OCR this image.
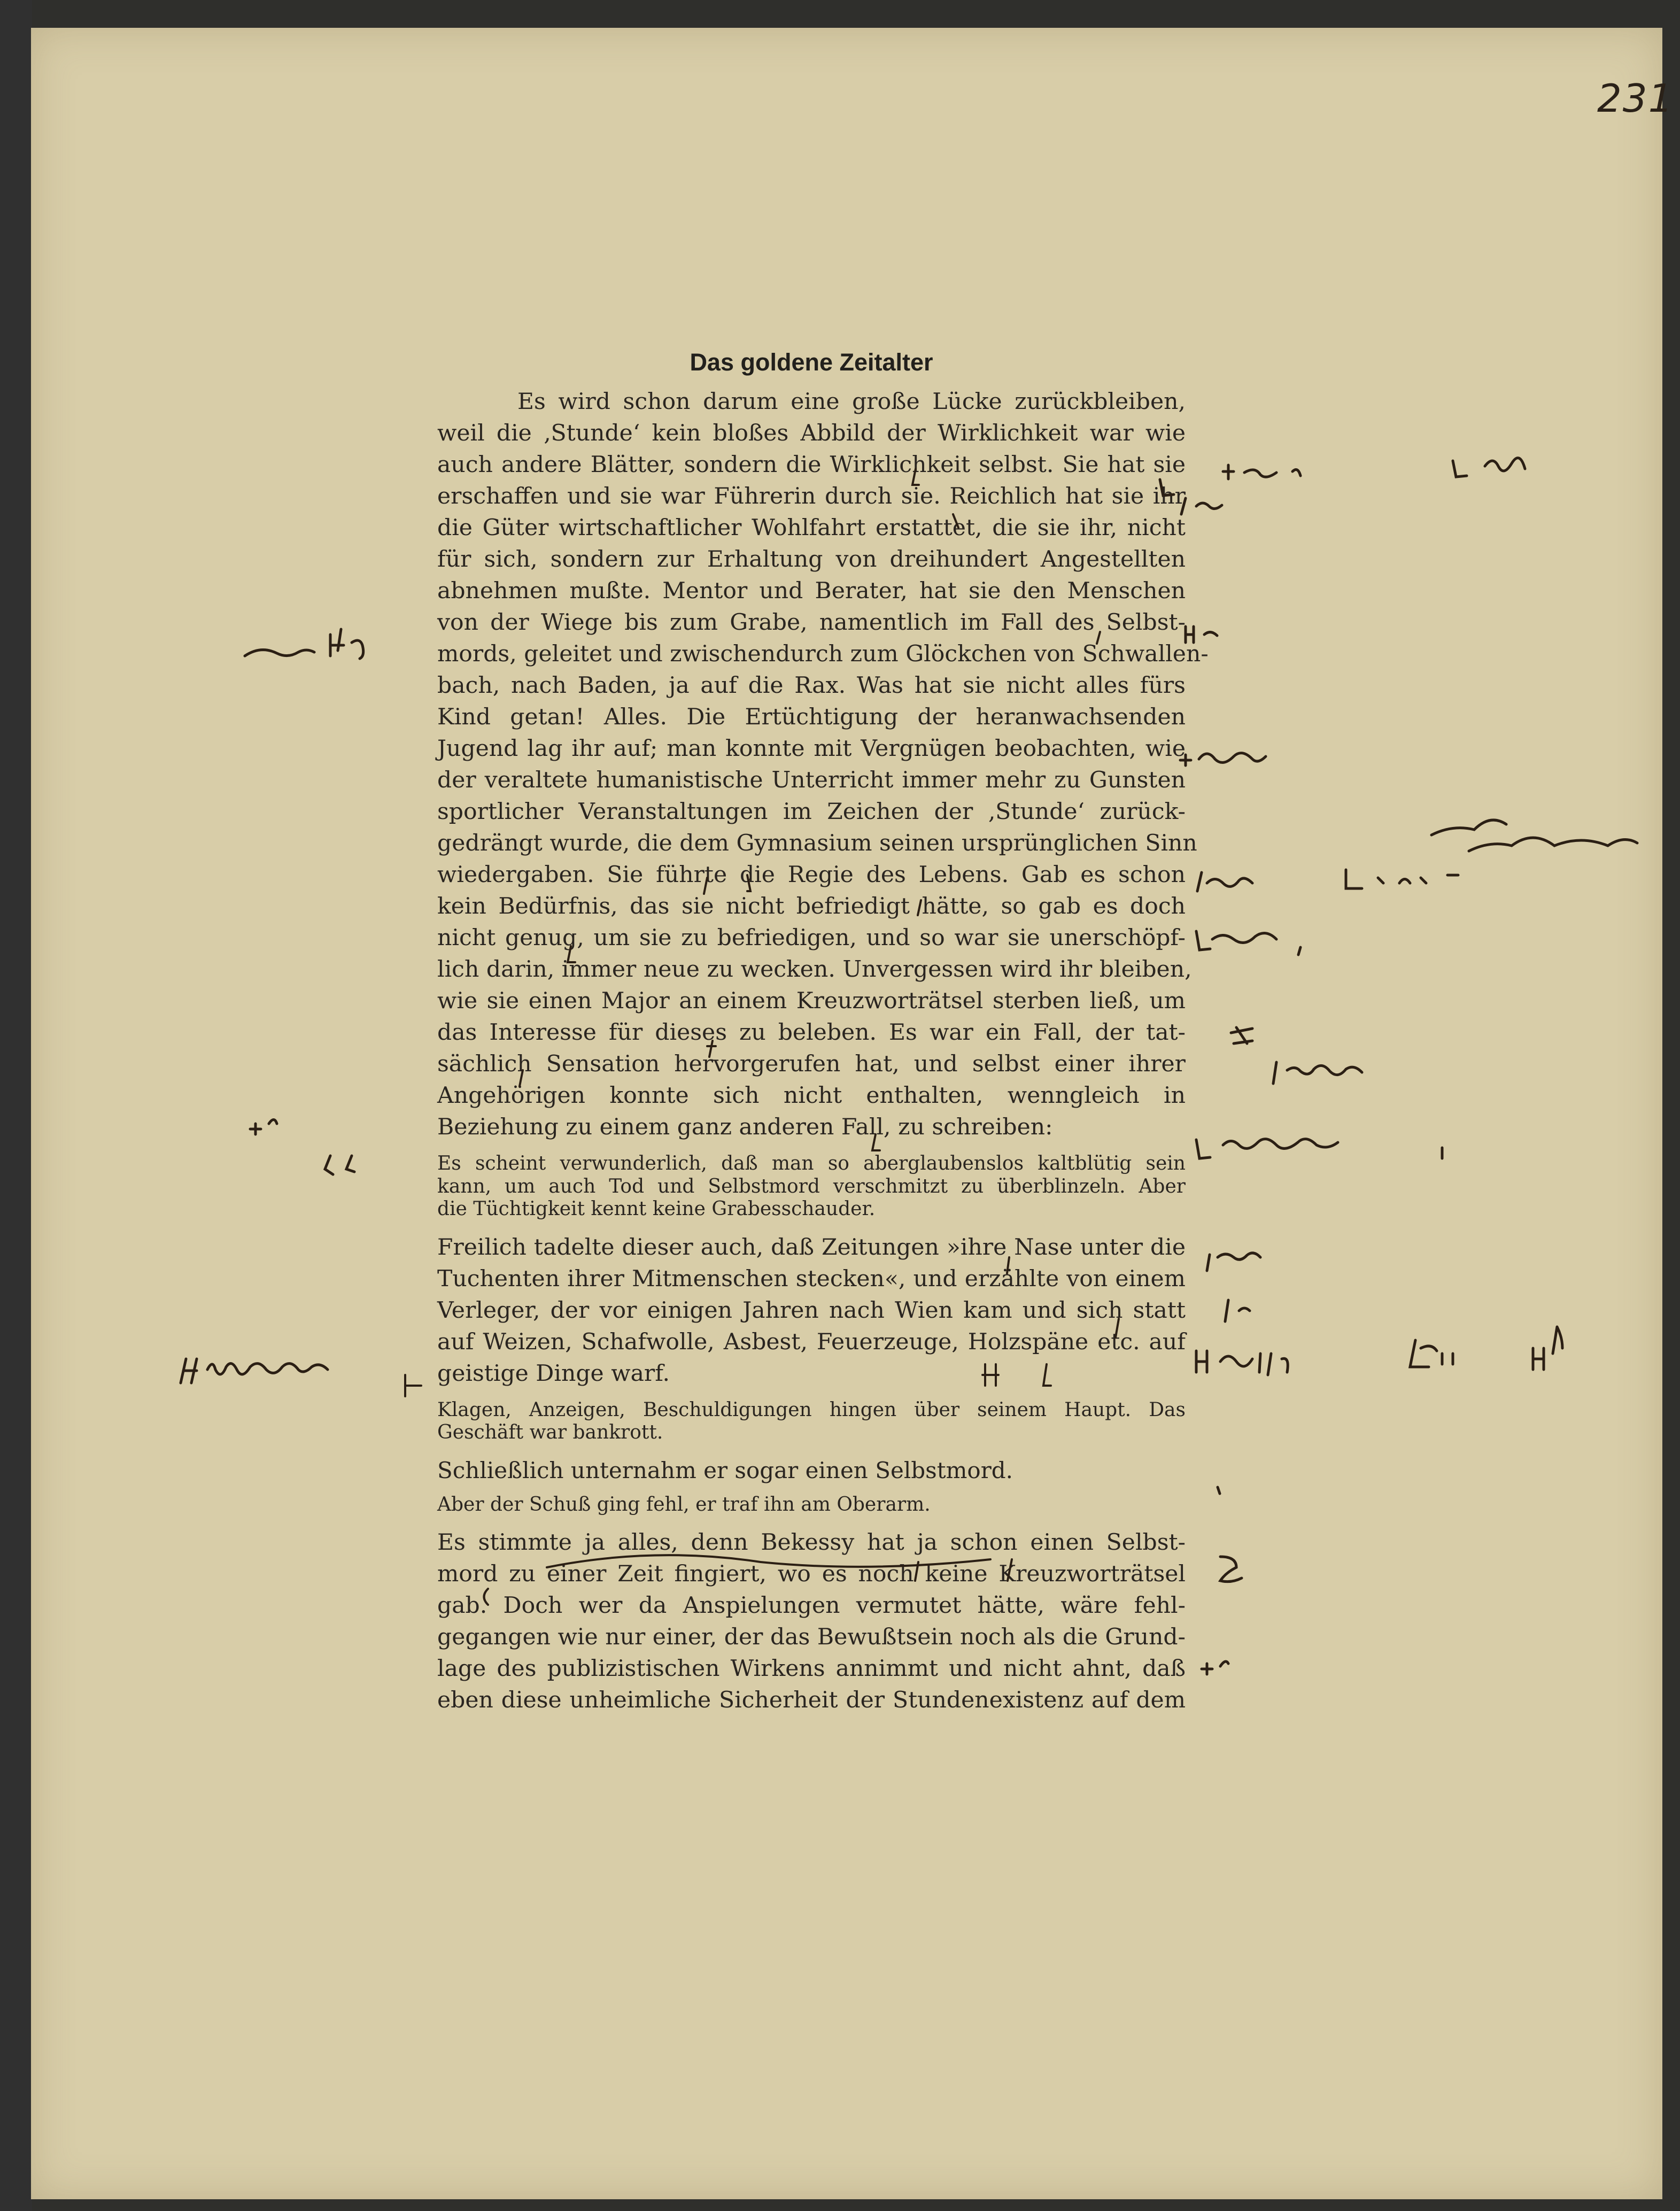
231
Das goldene Zeitalter
Es wird schon darum eine große Lücke zurückbleiben,
weil die ‚Stunde‘ kein bloßes Abbild der Wirklichkeit war wie
auch andere Blätter, sondern die Wirklichkeit selbst. Sie hat sie
erschaffen und sie war Führerin durch sie. Reichlich hat sie ihr
die Güter wirtschaftlicher Wohlfahrt erstattet, die sie ihr, nicht
für sich, sondern zur Erhaltung von dreihundert Angestellten
abnehmen mußte. Mentor und Berater, hat sie den Menschen
von der Wiege bis zum Grabe, namentlich im Fall des Selbst-
mords, geleitet und zwischendurch zum Glöckchen von Schwallen-
bach, nach Baden, ja auf die Rax. Was hat sie nicht alles fürs
Kind getan! Alles. Die Ertüchtigung der heranwachsenden
Jugend lag ihr auf; man konnte mit Vergnügen beobachten, wie
der veraltete humanistische Unterricht immer mehr zu Gunsten
sportlicher Veranstaltungen im Zeichen der ‚Stunde‘ zurück-
gedrängt wurde, die dem Gymnasium seinen ursprünglichen Sinn
wiedergaben. Sie führte die Regie des Lebens. Gab es schon
kein Bedürfnis, das sie nicht befriedigt hätte, so gab es doch
nicht genug, um sie zu befriedigen, und so war sie unerschöpf-
lich darin, immer neue zu wecken. Unvergessen wird ihr bleiben,
wie sie einen Major an einem Kreuzworträtsel sterben ließ, um
das Interesse für dieses zu beleben. Es war ein Fall, der tat-
sächlich Sensation hervorgerufen hat, und selbst einer ihrer
Angehörigen konnte sich nicht enthalten, wenngleich in
Beziehung zu einem ganz anderen Fall, zu schreiben:
Es scheint verwunderlich, daß man so aberglaubenslos kaltblütig sein
kann, um auch Tod und Selbstmord verschmitzt zu überblinzeln. Aber
die Tüchtigkeit kennt keine Grabesschauder.
Freilich tadelte dieser auch, daß Zeitungen »ihre Nase unter die
Tuchenten ihrer Mitmenschen stecken«, und erzählte von einem
Verleger, der vor einigen Jahren nach Wien kam und sich statt
auf Weizen, Schafwolle, Asbest, Feuerzeuge, Holzspäne etc. auf
geistige Dinge warf.
Klagen, Anzeigen, Beschuldigungen hingen über seinem Haupt. Das
Geschäft war bankrott.
Schließlich unternahm er sogar einen Selbstmord.
Aber der Schuß ging fehl, er traf ihn am Oberarm.
Es stimmte ja alles, denn Bekessy hat ja schon einen Selbst-
mord zu einer Zeit fingiert, wo es noch keine Kreuzworträtsel
gab. Doch wer da Anspielungen vermutet hätte, wäre fehl-
gegangen wie nur einer, der das Bewußtsein noch als die Grund-
lage des publizistischen Wirkens annimmt und nicht ahnt, daß
eben diese unheimliche Sicherheit der Stundenexistenz auf dem
